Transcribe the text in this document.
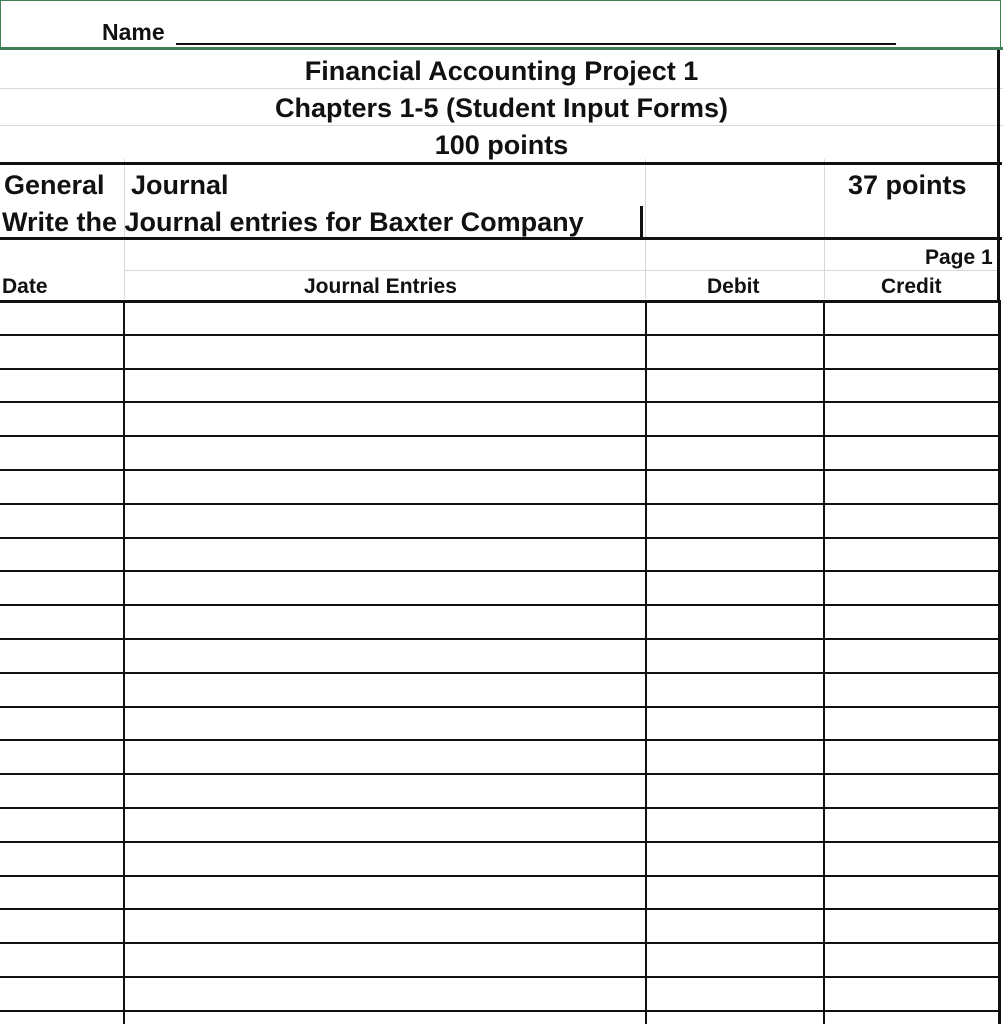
Name
Financial Accounting Project 1
Chapters 1-5 (Student Input Forms)
100 points
General Journal	37 points
Write the Journal entries for Baxter Company
Page 1
Date	Journal Entries	Debit	Credit
